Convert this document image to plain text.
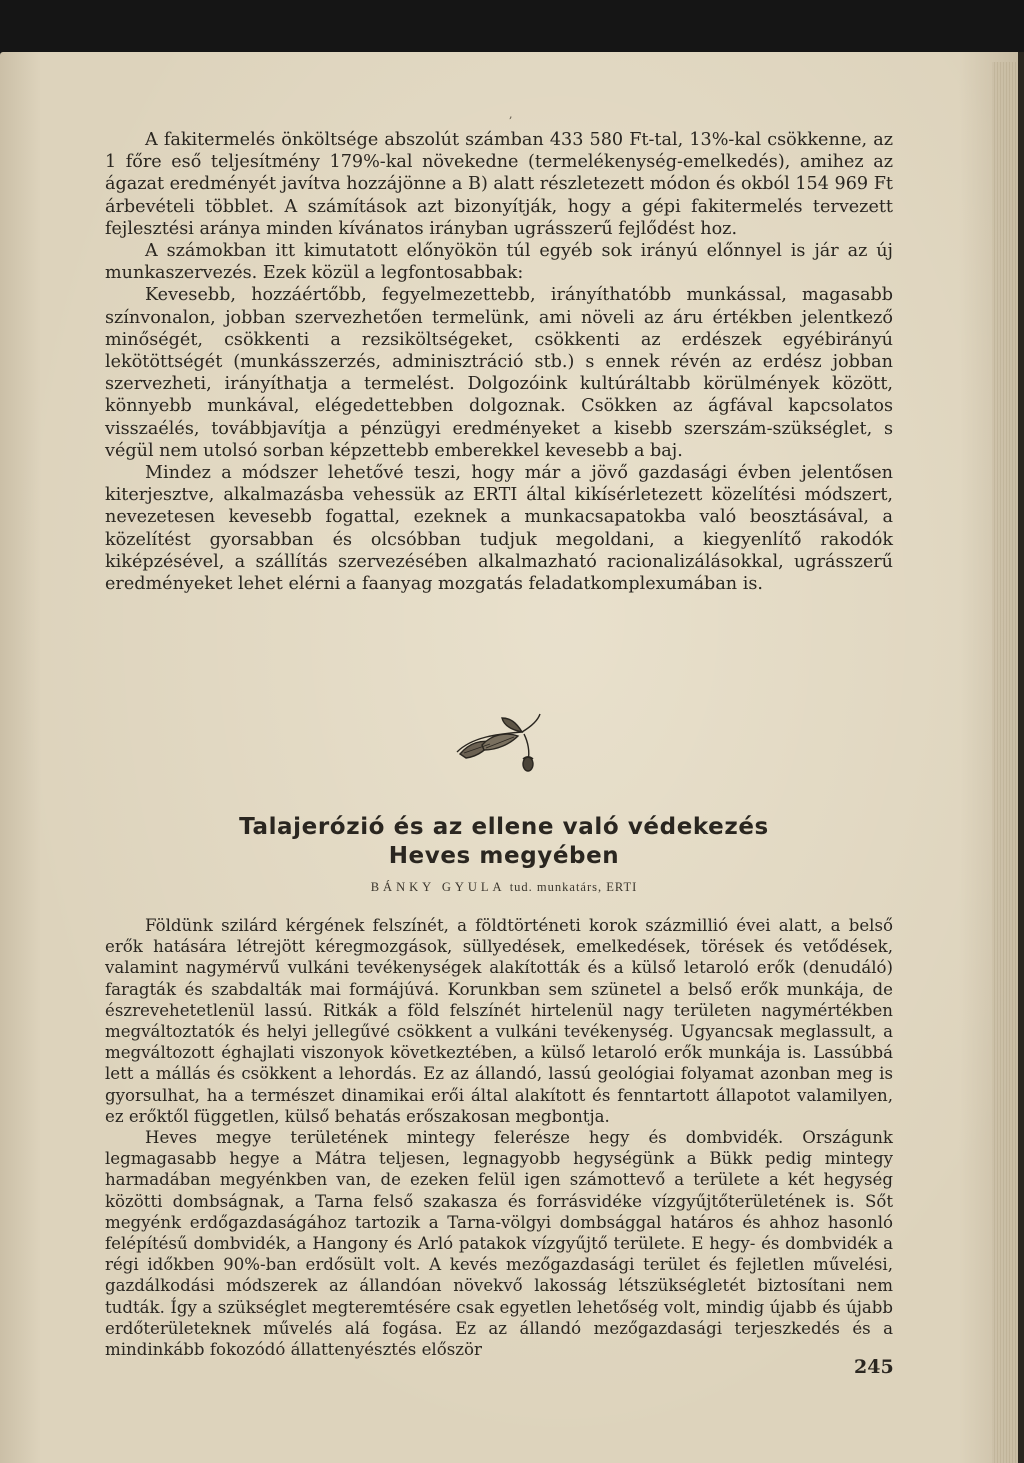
,

A fakitermelés önköltsége abszolút számban 433 580 Ft-tal, 13%-kal csökkenne, az 1 főre eső teljesítmény 179%-kal növekedne (termelékenység-emelkedés), amihez az ágazat eredményét javítva hozzájönne a B) alatt részletezett módon és okból 154 969 Ft árbevételi többlet. A számítások azt bizonyítják, hogy a gépi fakitermelés tervezett fejlesztési aránya minden kívánatos irányban ugrásszerű fejlődést hoz.

A számokban itt kimutatott előnyökön túl egyéb sok irányú előnnyel is jár az új munkaszervezés. Ezek közül a legfontosabbak:

Kevesebb, hozzáértőbb, fegyelmezettebb, irányíthatóbb munkással, magasabb színvonalon, jobban szervezhetően termelünk, ami növeli az áru értékben jelentkező minőségét, csökkenti a rezsiköltségeket, csökkenti az erdészek egyébirányú lekötöttségét (munkásszerzés, adminisztráció stb.) s ennek révén az erdész jobban szervezheti, irányíthatja a termelést. Dolgozóink kultúráltabb körülmények között, könnyebb munkával, elégedettebben dolgoznak. Csökken az ágfával kapcsolatos visszaélés, továbbjavítja a pénzügyi eredményeket a kisebb szerszám-szükséglet, s végül nem utolsó sorban képzettebb emberekkel kevesebb a baj.

Mindez a módszer lehetővé teszi, hogy már a jövő gazdasági évben jelentősen kiterjesztve, alkalmazásba vehessük az ERTI által kikísérletezett közelítési módszert, nevezetesen kevesebb fogattal, ezeknek a munkacsapatokba való beosztásával, a közelítést gyorsabban és olcsóbban tudjuk megoldani, a kiegyenlítő rakodók kiképzésével, a szállítás szervezésében alkalmazható racionalizálásokkal, ugrásszerű eredményeket lehet elérni a faanyag mozgatás feladatkomplexumában is.

Talajerózió és az ellene való védekezés
Heves megyében
BÁNKY GYULA tud. munkatárs, ERTI

Földünk szilárd kérgének felszínét, a földtörténeti korok százmillió évei alatt, a belső erők hatására létrejött kéregmozgások, süllyedések, emelkedések, törések és vetődések, valamint nagymérvű vulkáni tevékenységek alakították és a külső letaroló erők (denudáló) faragták és szabdalták mai formájúvá. Korunkban sem szünetel a belső erők munkája, de észrevehetetlenül lassú. Ritkák a föld felszínét hirtelenül nagy területen nagymértékben megváltoztatók és helyi jellegűvé csökkent a vulkáni tevékenység. Ugyancsak meglassult, a megváltozott éghajlati viszonyok következtében, a külső letaroló erők munkája is. Lassúbbá lett a mállás és csökkent a lehordás. Ez az állandó, lassú geológiai folyamat azonban meg is gyorsulhat, ha a természet dinamikai erői által alakított és fenntartott állapotot valamilyen, ez erőktől független, külső behatás erőszakosan megbontja.

Heves megye területének mintegy felerésze hegy és dombvidék. Országunk legmagasabb hegye a Mátra teljesen, legnagyobb hegységünk a Bükk pedig mintegy harmadában megyénkben van, de ezeken felül igen számottevő a területe a két hegység közötti dombságnak, a Tarna felső szakasza és forrásvidéke vízgyűjtőterületének is. Sőt megyénk erdőgazdaságához tartozik a Tarna-völgyi dombsággal határos és ahhoz hasonló felépítésű dombvidék, a Hangony és Arló patakok vízgyűjtő területe. E hegy- és dombvidék a régi időkben 90%-ban erdősült volt. A kevés mezőgazdasági terület és fejletlen művelési, gazdálkodási módszerek az állandóan növekvő lakosság létszükségletét biztosítani nem tudták. Így a szükséglet megteremtésére csak egyetlen lehetőség volt, mindig újabb és újabb erdőterületeknek művelés alá fogása. Ez az állandó mezőgazdasági terjeszkedés és a mindinkább fokozódó állattenyésztés először

245
